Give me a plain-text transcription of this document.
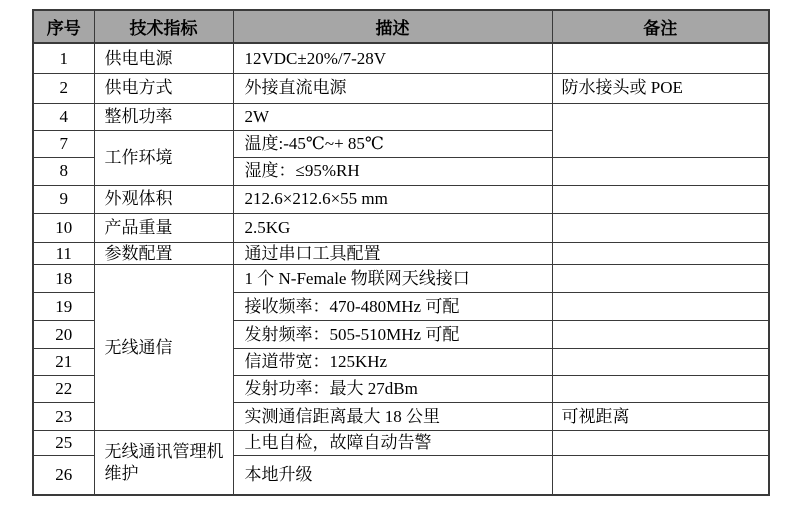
序号	技术指标	描述	备注
1	供电电源	12VDC±20%/7-28V	
2	供电方式	外接直流电源	防水接头或 POE
4	整机功率	2W	
7	工作环境	温度:-45℃~+ 85℃	
8		湿度：≤95%RH	
9	外观体积	212.6×212.6×55 mm	
10	产品重量	2.5KG	
11	参数配置	通过串口工具配置	
18	无线通信	1 个 N-Female 物联网天线接口	
19		接收频率：470-480MHz 可配	
20		发射频率：505-510MHz 可配	
21		信道带宽：125KHz	
22		发射功率：最大 27dBm	
23		实测通信距离最大 18 公里	可视距离
25	无线通讯管理机维护	上电自检，故障自动告警	
26		本地升级	
